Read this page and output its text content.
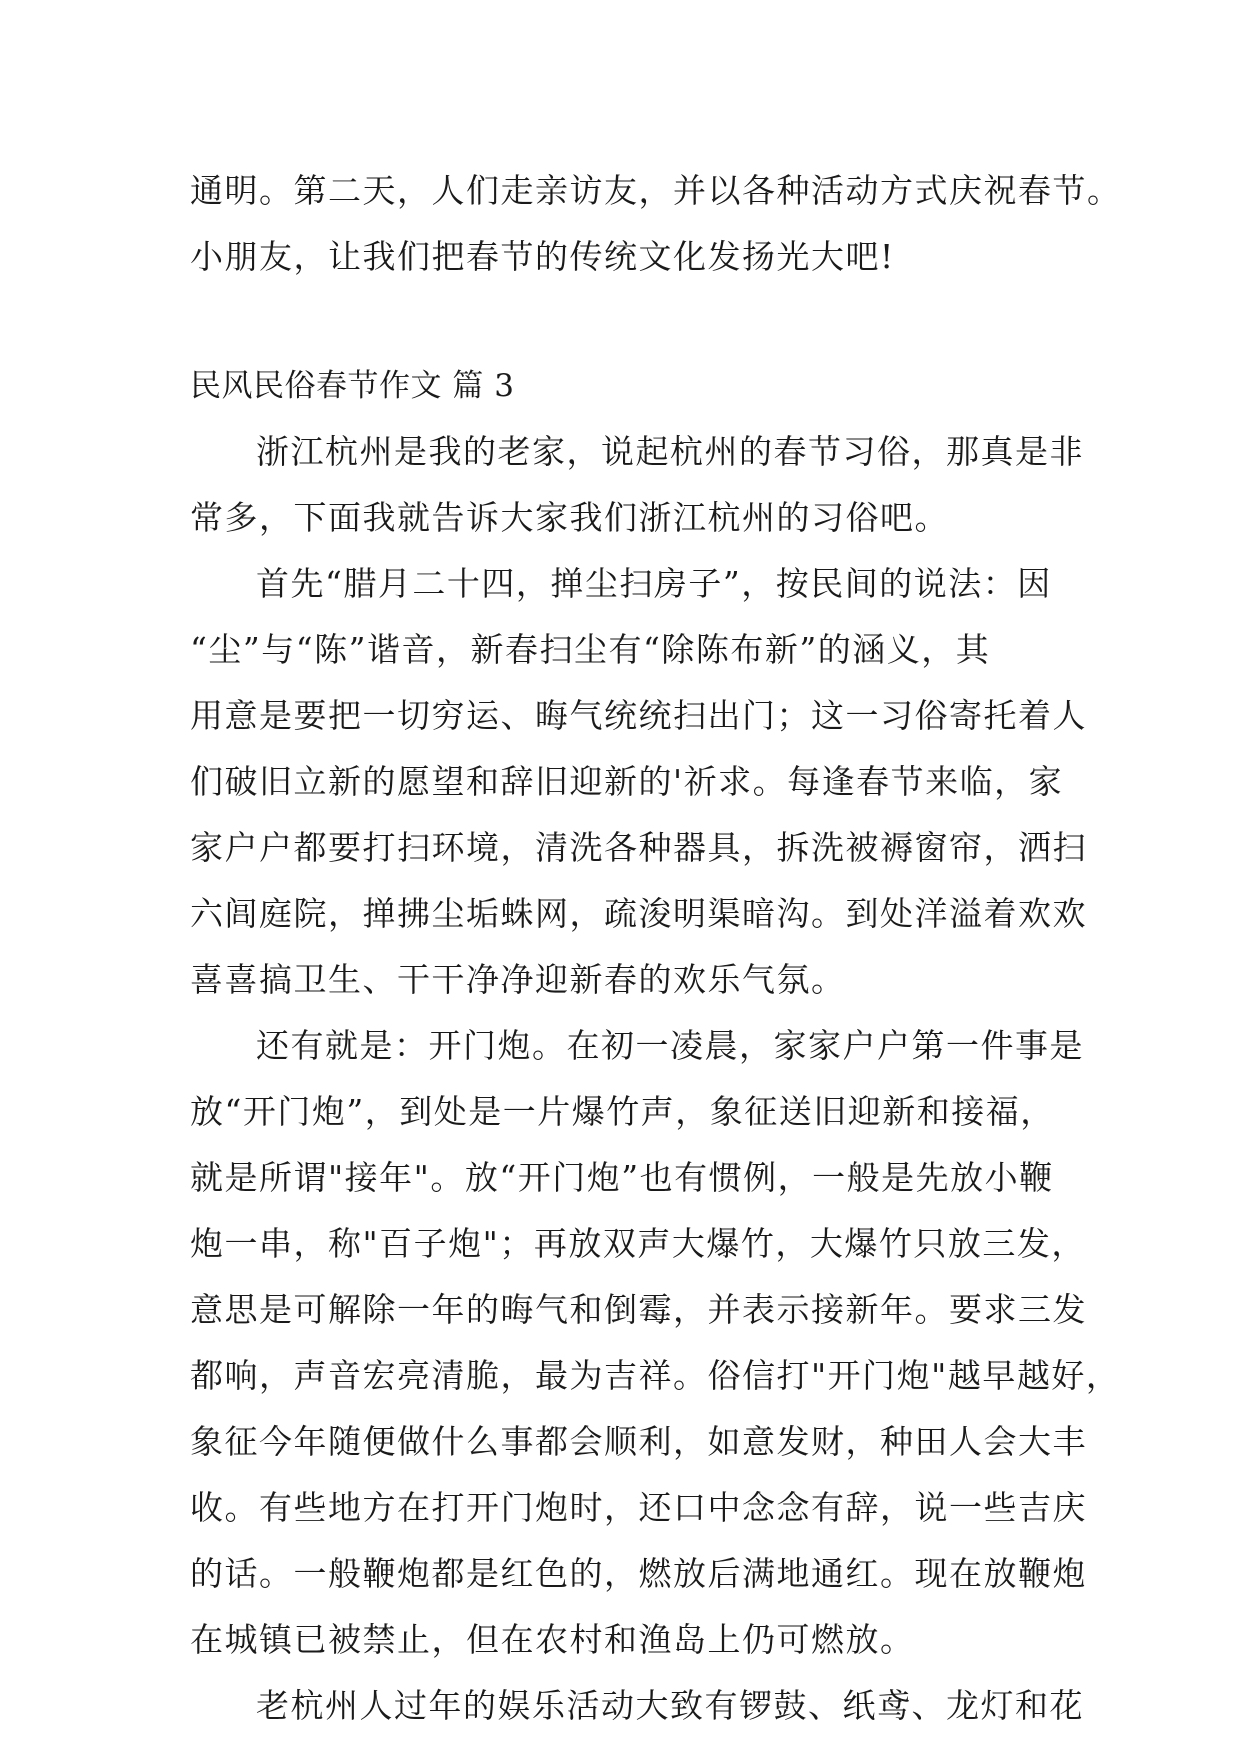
通明。第二天，人们走亲访友，并以各种活动方式庆祝春节。

小朋友，让我们把春节的传统文化发扬光大吧!

民风民俗春节作文 篇 3

浙江杭州是我的老家，说起杭州的春节习俗，那真是非

常多，下面我就告诉大家我们浙江杭州的习俗吧。

首先“腊月二十四，掸尘扫房子”，按民间的说法：因

“尘”与“陈”谐音，新春扫尘有“除陈布新”的涵义，其

用意是要把一切穷运、晦气统统扫出门；这一习俗寄托着人

们破旧立新的愿望和辞旧迎新的'祈求。每逢春节来临，家

家户户都要打扫环境，清洗各种器具，拆洗被褥窗帘，洒扫

六闾庭院，掸拂尘垢蛛网，疏浚明渠暗沟。到处洋溢着欢欢

喜喜搞卫生、干干净净迎新春的欢乐气氛。

还有就是：开门炮。在初一凌晨，家家户户第一件事是

放“开门炮”，到处是一片爆竹声，象征送旧迎新和接福，

就是所谓"接年"。放“开门炮”也有惯例，一般是先放小鞭

炮一串，称"百子炮"；再放双声大爆竹，大爆竹只放三发，

意思是可解除一年的晦气和倒霉，并表示接新年。要求三发

都响，声音宏亮清脆，最为吉祥。俗信打"开门炮"越早越好，

象征今年随便做什么事都会顺利，如意发财，种田人会大丰

收。有些地方在打开门炮时，还口中念念有辞，说一些吉庆

的话。一般鞭炮都是红色的，燃放后满地通红。现在放鞭炮

在城镇已被禁止，但在农村和渔岛上仍可燃放。

老杭州人过年的娱乐活动大致有锣鼓、纸鸢、龙灯和花
